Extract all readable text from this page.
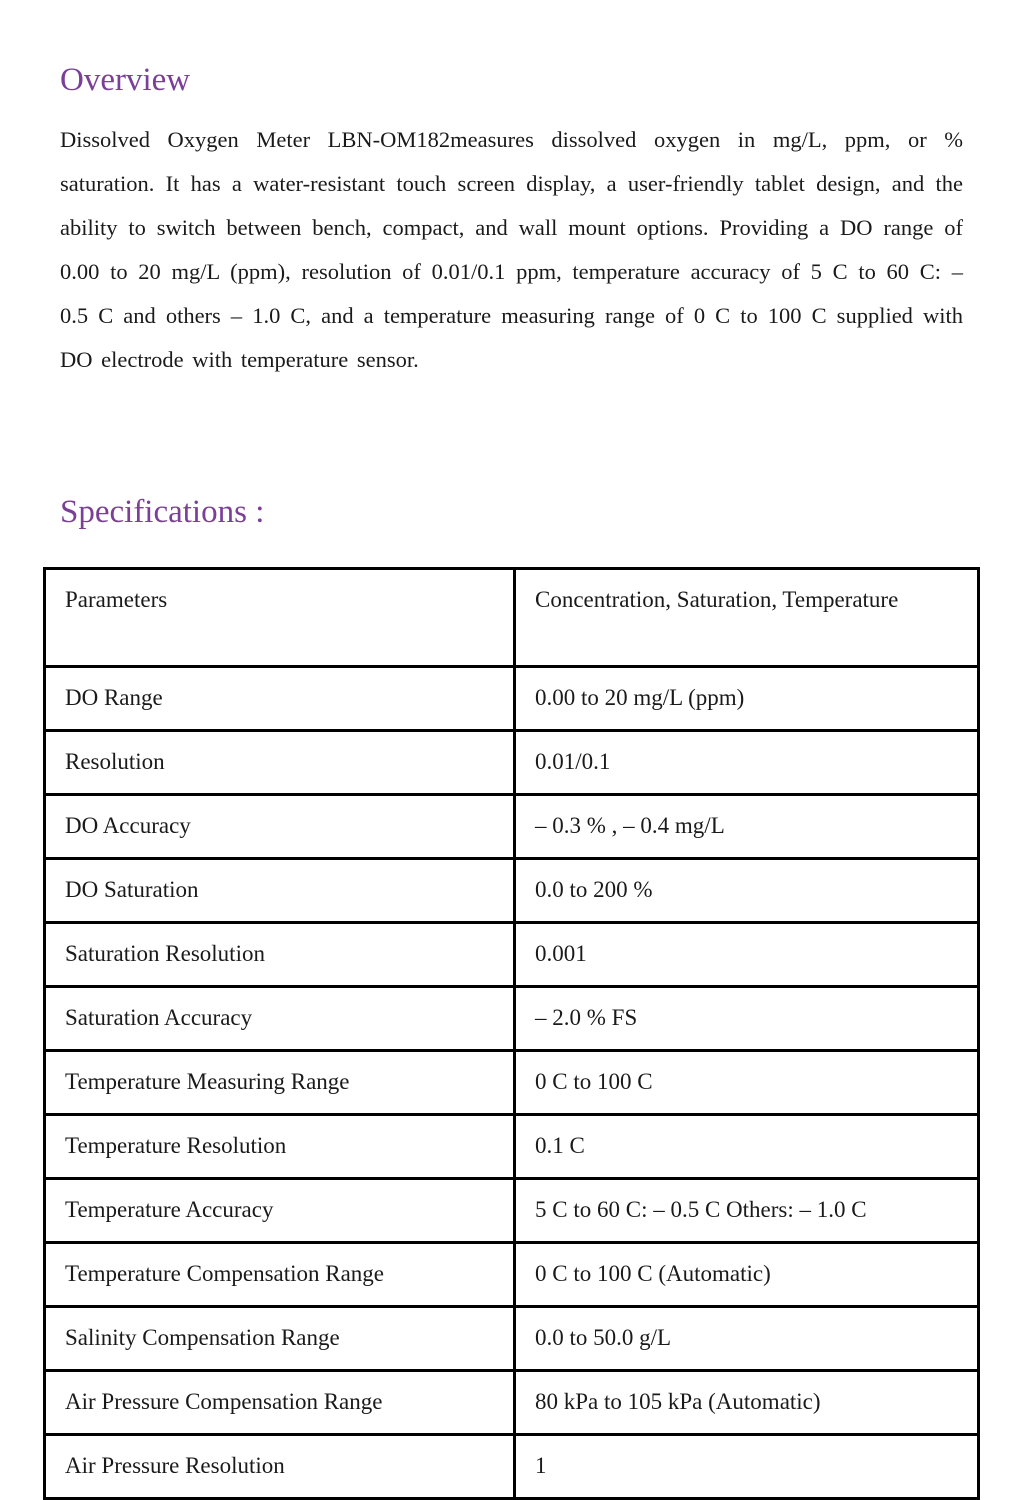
Overview

Dissolved Oxygen Meter LBN-OM182measures dissolved oxygen in mg/L, ppm, or % saturation. It has a water-resistant touch screen display, a user-friendly tablet design, and the ability to switch between bench, compact, and wall mount options. Providing a DO range of 0.00 to 20 mg/L (ppm), resolution of 0.01/0.1 ppm, temperature accuracy of 5 C to 60 C: – 0.5 C and others – 1.0 C, and a temperature measuring range of 0 C to 100 C supplied with DO electrode with temperature sensor.

Specifications :
Parameters	Concentration, Saturation, Temperature
DO Range	0.00 to 20 mg/L (ppm)
Resolution	0.01/0.1
DO Accuracy	– 0.3 % , – 0.4 mg/L
DO Saturation	0.0 to 200 %
Saturation Resolution	0.001
Saturation Accuracy	– 2.0 % FS
Temperature Measuring Range	0 C to 100 C
Temperature Resolution	0.1 C
Temperature Accuracy	5 C to 60 C: – 0.5 C Others: – 1.0 C
Temperature Compensation Range	0 C to 100 C (Automatic)
Salinity Compensation Range	0.0 to 50.0 g/L
Air Pressure Compensation Range	80 kPa to 105 kPa (Automatic)
Air Pressure Resolution	1
